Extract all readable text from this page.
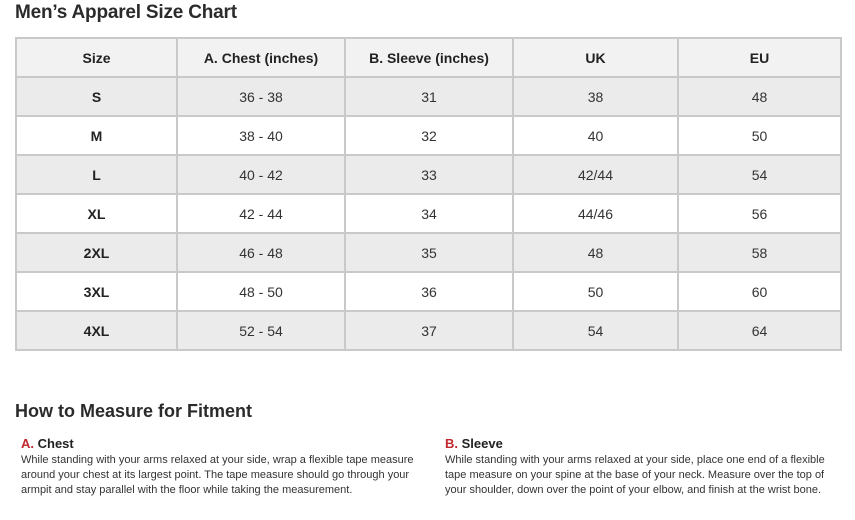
Men’s Apparel Size Chart
Size	A. Chest (inches)	B. Sleeve (inches)	UK	EU
S	36 - 38	31	38	48
M	38 - 40	32	40	50
L	40 - 42	33	42/44	54
XL	42 - 44	34	44/46	56
2XL	46 - 48	35	48	58
3XL	48 - 50	36	50	60
4XL	52 - 54	37	54	64
How to Measure for Fitment
A. Chest
While standing with your arms relaxed at your side, wrap a flexible tape measure around your chest at its largest point. The tape measure should go through your armpit and stay parallel with the floor while taking the measurement.
B. Sleeve
While standing with your arms relaxed at your side, place one end of a flexible tape measure on your spine at the base of your neck. Measure over the top of your shoulder, down over the point of your elbow, and finish at the wrist bone.
